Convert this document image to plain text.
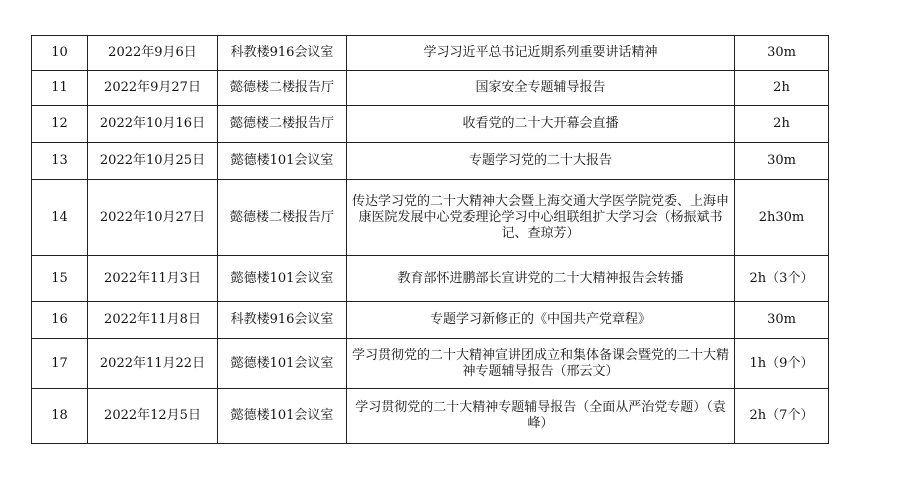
10	2022年9月6日	科教楼916会议室	学习习近平总书记近期系列重要讲话精神	30m
11	2022年9月27日	懿德楼二楼报告厅	国家安全专题辅导报告	2h
12	2022年10月16日	懿德楼二楼报告厅	收看党的二十大开幕会直播	2h
13	2022年10月25日	懿德楼101会议室	专题学习党的二十大报告	30m
14	2022年10月27日	懿德楼二楼报告厅	传达学习党的二十大精神大会暨上海交通大学医学院党委、上海申康医院发展中心党委理论学习中心组联组扩大学习会（杨振斌书记、查琼芳）	2h30m
15	2022年11月3日	懿德楼101会议室	教育部怀进鹏部长宣讲党的二十大精神报告会转播	2h（3个）
16	2022年11月8日	科教楼916会议室	专题学习新修正的《中国共产党章程》	30m
17	2022年11月22日	懿德楼101会议室	学习贯彻党的二十大精神宣讲团成立和集体备课会暨党的二十大精神专题辅导报告（邢云文）	1h（9个）
18	2022年12月5日	懿德楼101会议室	学习贯彻党的二十大精神专题辅导报告（全面从严治党专题）（袁峰）	2h（7个）
